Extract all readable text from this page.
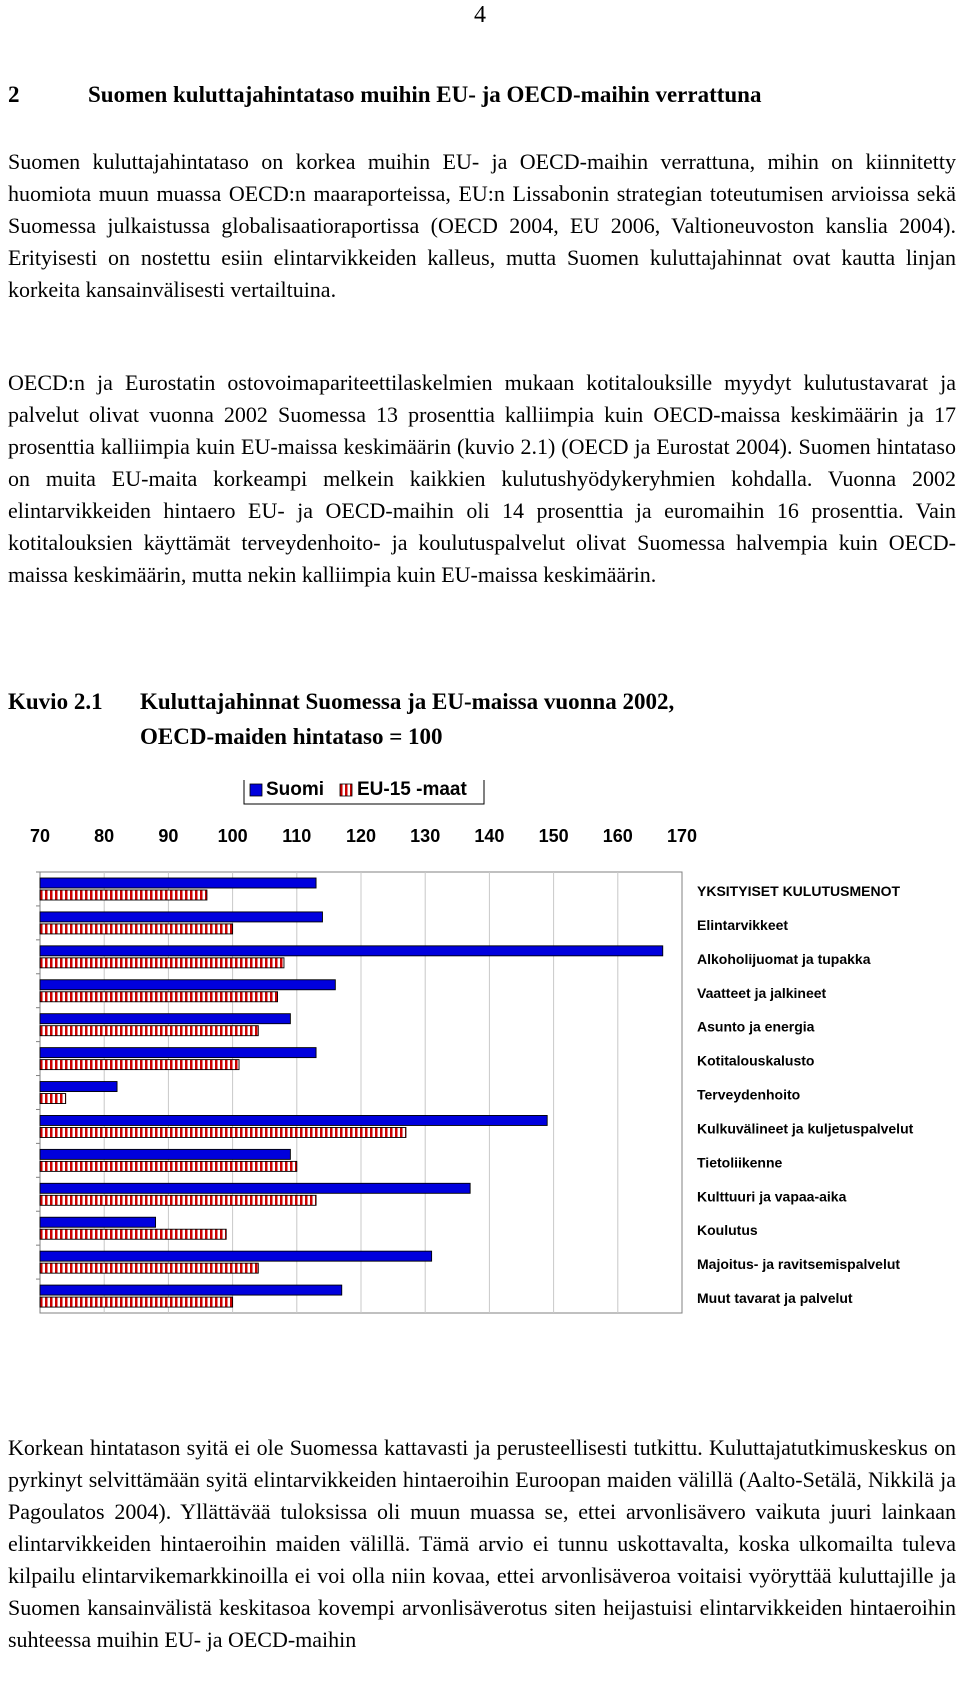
4
2	Suomen kuluttajahintataso muihin EU- ja OECD-maihin verrattuna

Suomen kuluttajahintataso on korkea muihin EU- ja OECD-maihin verrattuna, mihin on kiinnitetty huomiota muun muassa OECD:n maaraporteissa, EU:n Lissabonin strategian toteutumisen arvioissa sekä Suomessa julkaistussa globalisaatioraportissa (OECD 2004, EU 2006, Valtioneuvoston kanslia 2004). Erityisesti on nostettu esiin elintarvikkeiden kalleus, mutta Suomen kuluttajahinnat ovat kautta linjan korkeita kansainvälisesti vertailtuina.

OECD:n ja Eurostatin ostovoimapariteettilaskelmien mukaan kotitalouksille myydyt kulutustavarat ja palvelut olivat vuonna 2002 Suomessa 13 prosenttia kalliimpia kuin OECD-maissa keskimäärin ja 17 prosenttia kalliimpia kuin EU-maissa keskimäärin (kuvio 2.1) (OECD ja Eurostat 2004). Suomen hintataso on muita EU-maita korkeampi melkein kaikkien kulutushyödykeryhmien kohdalla. Vuonna 2002 elintarvikkeiden hintaero EU- ja OECD-maihin oli 14 prosenttia ja euromaihin 16 prosenttia. Vain kotitalouksien käyttämät terveydenhoito- ja koulutuspalvelut olivat Suomessa halvempia kuin OECD-maissa keskimäärin, mutta nekin kalliimpia kuin EU-maissa keskimäärin.

Kuvio 2.1 Kuluttajahinnat Suomessa ja EU-maissa vuonna 2002,
OECD-maiden hintataso = 100
Suomi EU-15 -maat
70 80 90 100 110 120 130 140 150 160 170
YKSITYISET KULUTUSMENOT
Elintarvikkeet
Alkoholijuomat ja tupakka
Vaatteet ja jalkineet
Asunto ja energia
Kotitalouskalusto
Terveydenhoito
Kulkuvälineet ja kuljetuspalvelut
Tietoliikenne
Kulttuuri ja vapaa-aika
Koulutus
Majoitus- ja ravitsemispalvelut
Muut tavarat ja palvelut

Korkean hintatason syitä ei ole Suomessa kattavasti ja perusteellisesti tutkittu. Kuluttajatutkimuskeskus on pyrkinyt selvittämään syitä elintarvikkeiden hintaeroihin Euroopan maiden välillä (Aalto-Setälä, Nikkilä ja Pagoulatos 2004). Yllättävää tuloksissa oli muun muassa se, ettei arvonlisävero vaikuta juuri lainkaan elintarvikkeiden hintaeroihin maiden välillä. Tämä arvio ei tunnu uskottavalta, koska ulkomailta tuleva kilpailu elintarvikemarkkinoilla ei voi olla niin kovaa, ettei arvonlisäveroa voitaisi vyöryttää kuluttajille ja Suomen kansainvälistä keskitasoa kovempi arvonlisäverotus siten heijastuisi elintarvikkeiden hintaeroihin suhteessa muihin EU- ja OECD-maihin
